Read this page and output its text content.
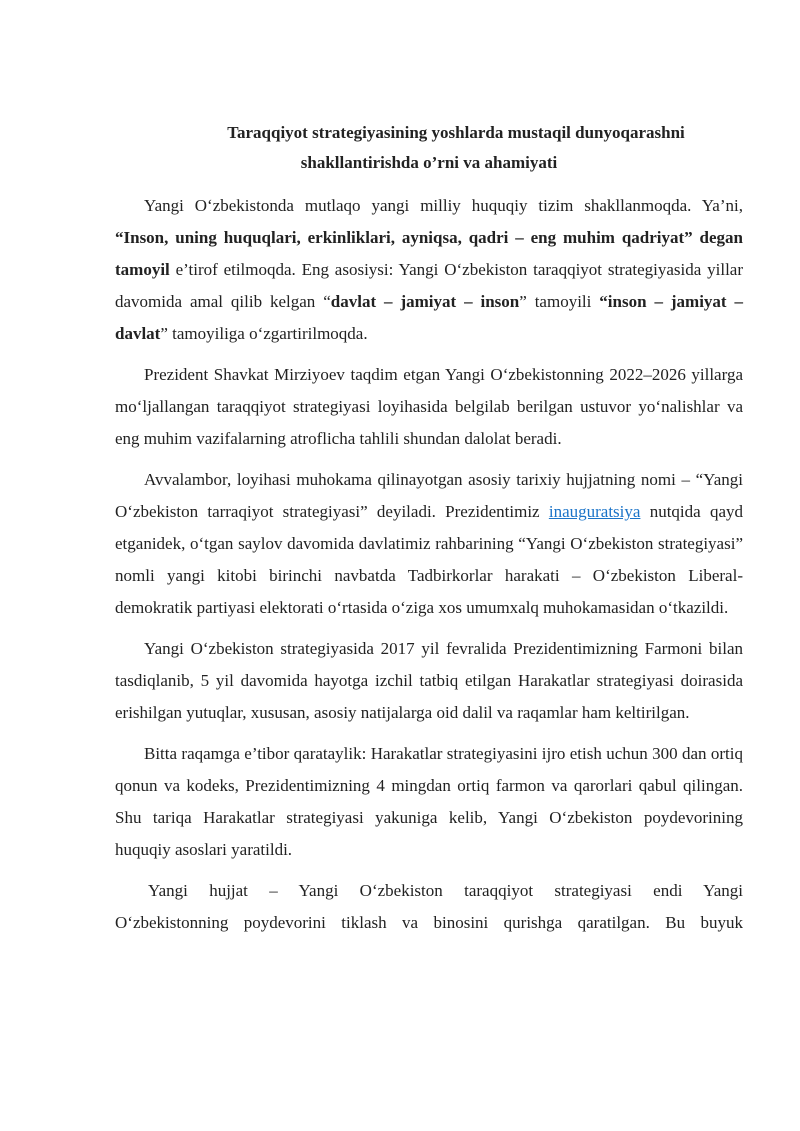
Taraqqiyot strategiyasining yoshlarda mustaqil dunyoqarashni
shakllantirishda o’rni va ahamiyati

Yangi O‘zbekistonda mutlaqo yangi milliy huquqiy tizim shakllanmoqda. Ya’ni, “Inson, uning huquqlari, erkinliklari, ayniqsa, qadri – eng muhim qadriyat” degan tamoyil e’tirof etilmoqda. Eng asosiysi: Yangi O‘zbekiston taraqqiyot strategiyasida yillar davomida amal qilib kelgan “davlat – jamiyat – inson” tamoyili “inson – jamiyat – davlat” tamoyiliga o‘zgartirilmoqda.

Prezident Shavkat Mirziyoev taqdim etgan Yangi O‘zbekistonning 2022–2026 yillarga mo‘ljallangan taraqqiyot strategiyasi loyihasida belgilab berilgan ustuvor yo‘nalishlar va eng muhim vazifalarning atroflicha tahlili shundan dalolat beradi.

Avvalambor, loyihasi muhokama qilinayotgan asosiy tarixiy hujjatning nomi – “Yangi O‘zbekiston tarraqiyot strategiyasi” deyiladi. Prezidentimiz inauguratsiya nutqida qayd etganidek, o‘tgan saylov davomida davlatimiz rahbarining “Yangi O‘zbekiston strategiyasi” nomli yangi kitobi birinchi navbatda Tadbirkorlar harakati – O‘zbekiston Liberal-demokratik partiyasi elektorati o‘rtasida o‘ziga xos umumxalq muhokamasidan o‘tkazildi.

Yangi O‘zbekiston strategiyasida 2017 yil fevralida Prezidentimizning Farmoni bilan tasdiqlanib, 5 yil davomida hayotga izchil tatbiq etilgan Harakatlar strategiyasi doirasida erishilgan yutuqlar, xususan, asosiy natijalarga oid dalil va raqamlar ham keltirilgan.

Bitta raqamga e’tibor qarataylik: Harakatlar strategiyasini ijro etish uchun 300 dan ortiq qonun va kodeks, Prezidentimizning 4 mingdan ortiq farmon va qarorlari qabul qilingan. Shu tariqa Harakatlar strategiyasi yakuniga kelib, Yangi O‘zbekiston poydevorining huquqiy asoslari yaratildi.

Yangi hujjat – Yangi O‘zbekiston taraqqiyot strategiyasi endi Yangi
O‘zbekistonning poydevorini tiklash va binosini qurishga qaratilgan. Bu buyuk
